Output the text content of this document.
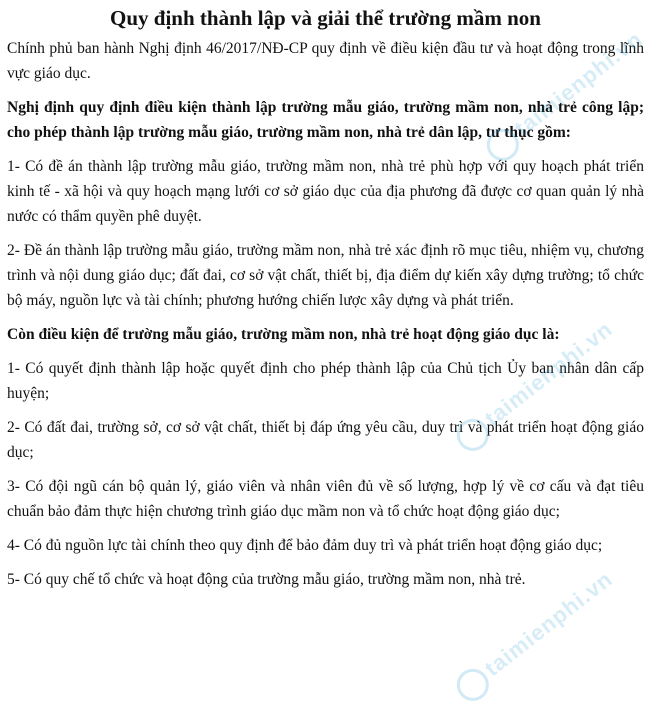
Quy định thành lập và giải thể trường mầm non

Chính phủ ban hành Nghị định 46/2017/NĐ-CP quy định về điều kiện đầu tư và hoạt động trong lĩnh vực giáo dục.

Nghị định quy định điều kiện thành lập trường mẫu giáo, trường mầm non, nhà trẻ công lập; cho phép thành lập trường mẫu giáo, trường mầm non, nhà trẻ dân lập, tư thục gồm:

1- Có đề án thành lập trường mẫu giáo, trường mầm non, nhà trẻ phù hợp với quy hoạch phát triển kinh tế - xã hội và quy hoạch mạng lưới cơ sở giáo dục của địa phương đã được cơ quan quản lý nhà nước có thẩm quyền phê duyệt.

2- Đề án thành lập trường mẫu giáo, trường mầm non, nhà trẻ xác định rõ mục tiêu, nhiệm vụ, chương trình và nội dung giáo dục; đất đai, cơ sở vật chất, thiết bị, địa điểm dự kiến xây dựng trường; tổ chức bộ máy, nguồn lực và tài chính; phương hướng chiến lược xây dựng và phát triển.

Còn điều kiện để trường mẫu giáo, trường mầm non, nhà trẻ hoạt động giáo dục là:

1- Có quyết định thành lập hoặc quyết định cho phép thành lập của Chủ tịch Ủy ban nhân dân cấp huyện;

2- Có đất đai, trường sở, cơ sở vật chất, thiết bị đáp ứng yêu cầu, duy trì và phát triển hoạt động giáo dục;

3- Có đội ngũ cán bộ quản lý, giáo viên và nhân viên đủ về số lượng, hợp lý về cơ cấu và đạt tiêu chuẩn bảo đảm thực hiện chương trình giáo dục mầm non và tổ chức hoạt động giáo dục;

4- Có đủ nguồn lực tài chính theo quy định để bảo đảm duy trì và phát triển hoạt động giáo dục;

5- Có quy chế tổ chức và hoạt động của trường mẫu giáo, trường mầm non, nhà trẻ.

taimienphi.vn
taimienphi.vn
taimienphi.vn
